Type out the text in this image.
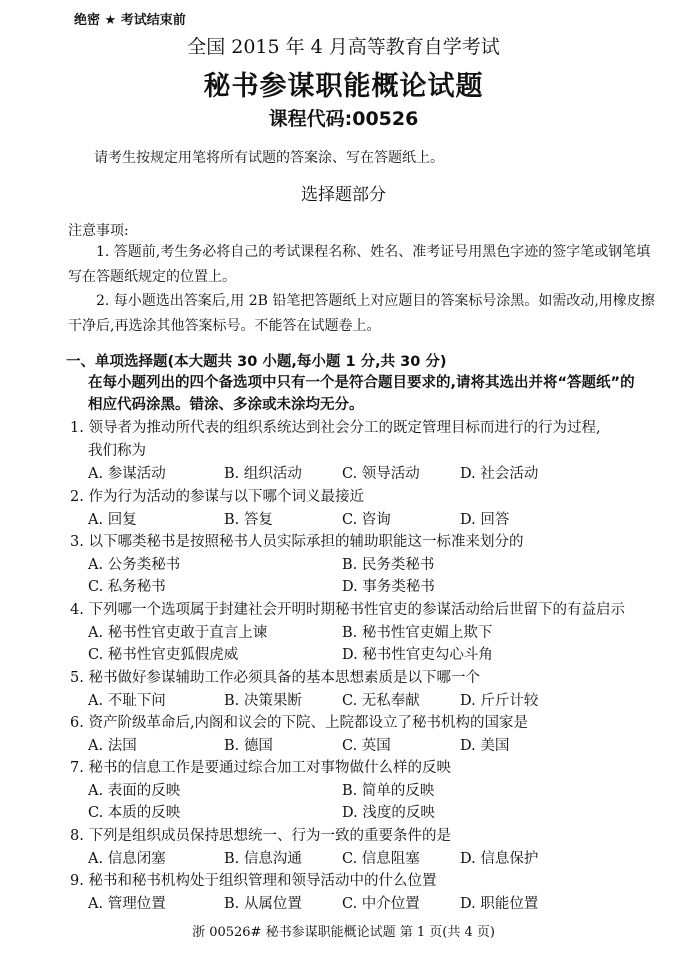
绝密 ★ 考试结束前
全国 2015 年 4 月高等教育自学考试
秘书参谋职能概论试题
课程代码:00526
请考生按规定用笔将所有试题的答案涂、写在答题纸上。
选择题部分
注意事项:
1. 答题前,考生务必将自己的考试课程名称、姓名、准考证号用黑色字迹的签字笔或钢笔填写在答题纸规定的位置上。
2. 每小题选出答案后,用 2B 铅笔把答题纸上对应题目的答案标号涂黑。如需改动,用橡皮擦干净后,再选涂其他答案标号。不能答在试题卷上。
一、单项选择题(本大题共 30 小题,每小题 1 分,共 30 分)
在每小题列出的四个备选项中只有一个是符合题目要求的,请将其选出并将“答题纸”的相应代码涂黑。错涂、多涂或未涂均无分。
1. 领导者为推动所代表的组织系统达到社会分工的既定管理目标而进行的行为过程,
我们称为
A. 参谋活动	B. 组织活动	C. 领导活动	D. 社会活动
2. 作为行为活动的参谋与以下哪个词义最接近
A. 回复	B. 答复	C. 咨询	D. 回答
3. 以下哪类秘书是按照秘书人员实际承担的辅助职能这一标准来划分的
A. 公务类秘书	B. 民务类秘书
C. 私务秘书	D. 事务类秘书
4. 下列哪一个选项属于封建社会开明时期秘书性官吏的参谋活动给后世留下的有益启示
A. 秘书性官吏敢于直言上谏	B. 秘书性官吏媚上欺下
C. 秘书性官吏狐假虎威	D. 秘书性官吏勾心斗角
5. 秘书做好参谋辅助工作必须具备的基本思想素质是以下哪一个
A. 不耻下问	B. 决策果断	C. 无私奉献	D. 斤斤计较
6. 资产阶级革命后,内阁和议会的下院、上院都设立了秘书机构的国家是
A. 法国	B. 德国	C. 英国	D. 美国
7. 秘书的信息工作是要通过综合加工对事物做什么样的反映
A. 表面的反映	B. 简单的反映
C. 本质的反映	D. 浅度的反映
8. 下列是组织成员保持思想统一、行为一致的重要条件的是
A. 信息闭塞	B. 信息沟通	C. 信息阻塞	D. 信息保护
9. 秘书和秘书机构处于组织管理和领导活动中的什么位置
A. 管理位置	B. 从属位置	C. 中介位置	D. 职能位置
浙 00526# 秘书参谋职能概论试题 第 1 页(共 4 页)
